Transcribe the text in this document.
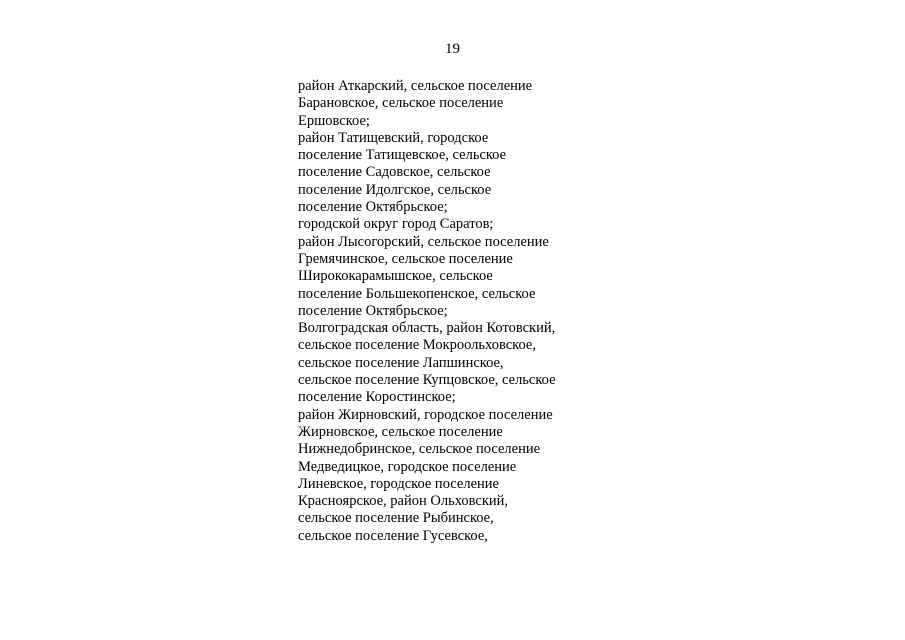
19
район Аткарский, сельское поселение
Барановское, сельское поселение
Ершовское;
район Татищевский, городское
поселение Татищевское, сельское
поселение Садовское, сельское
поселение Идолгское, сельское
поселение Октябрьское;
городской округ город Саратов;
район Лысогорский, сельское поселение
Гремячинское, сельское поселение
Ширококарамышское, сельское
поселение Большекопенское, сельское
поселение Октябрьское;
Волгоградская область, район Котовский,
сельское поселение Мокроольховское,
сельское поселение Лапшинское,
сельское поселение Купцовское, сельское
поселение Коростинское;
район Жирновский, городское поселение
Жирновское, сельское поселение
Нижнедобринское, сельское поселение
Медведицкое, городское поселение
Линевское, городское поселение
Красноярское, район Ольховский,
сельское поселение Рыбинское,
сельское поселение Гусевское,
